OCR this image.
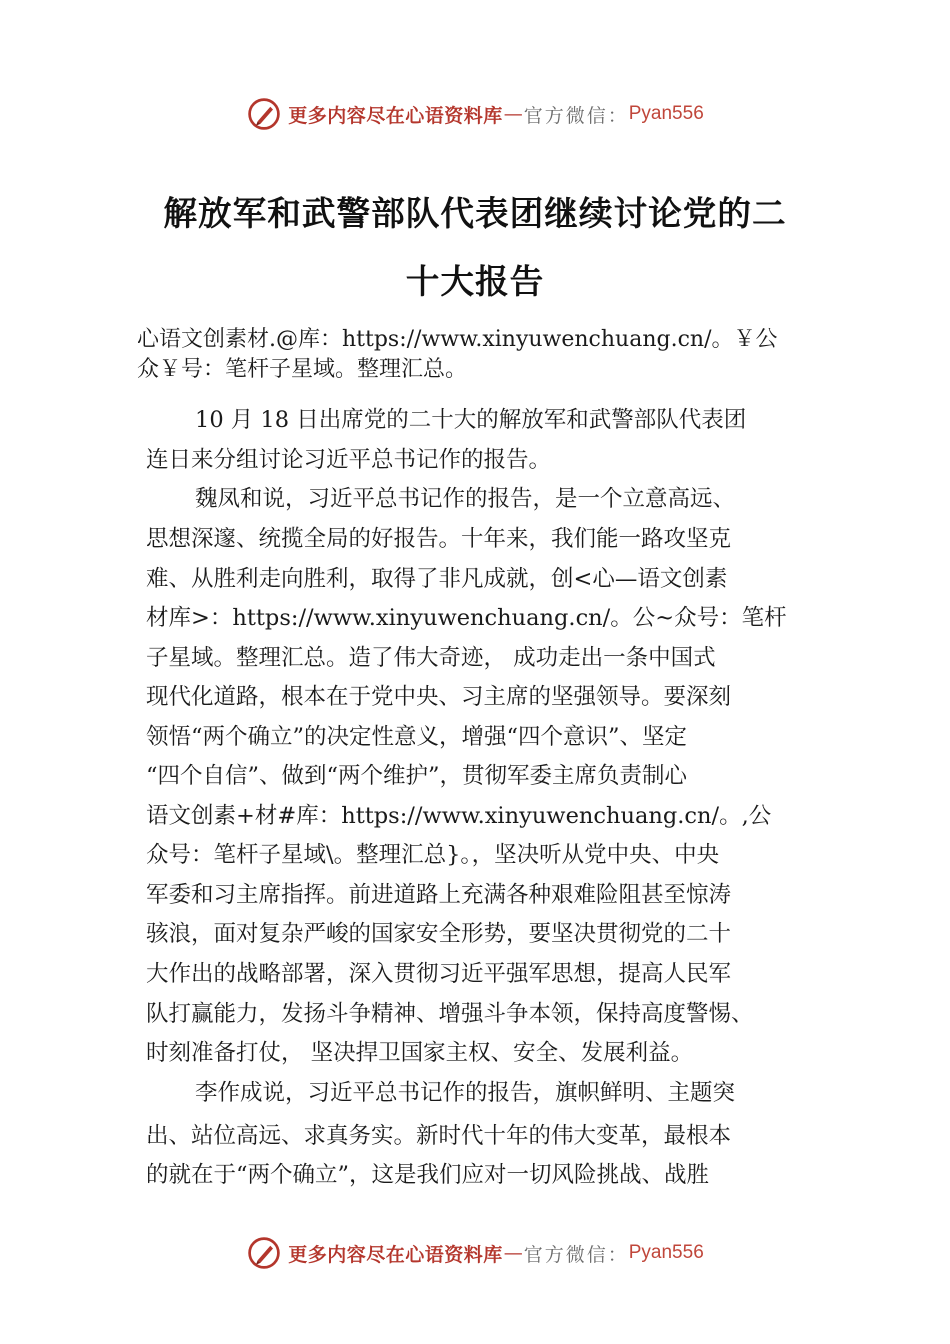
更多内容尽在心语资料库 — 官方微信： Pyan556
解放军和武警部队代表团继续讨论党的二
十大报告
心语文创素材.@库：https://www.xinyuwenchuang.cn/。￥公
众￥号：笔杆子星域。整理汇总。
10 月 18 日出席党的二十大的解放军和武警部队代表团
连日来分组讨论习近平总书记作的报告。
魏凤和说，习近平总书记作的报告，是一个立意高远、
思想深邃、统揽全局的好报告。十年来，我们能一路攻坚克
难、从胜利走向胜利，取得了非凡成就，创<心—语文创素
材库>：https://www.xinyuwenchuang.cn/。公~众号：笔杆
子星域。整理汇总。造了伟大奇迹， 成功走出一条中国式
现代化道路，根本在于党中央、习主席的坚强领导。要深刻
领悟“两个确立”的决定性意义，增强“四个意识”、坚定
“四个自信”、做到“两个维护”，贯彻军委主席负责制心
语文创素+材#库：https://www.xinyuwenchuang.cn/。,公
众号：笔杆子星域\。整理汇总}。，坚决听从党中央、中央
军委和习主席指挥。前进道路上充满各种艰难险阻甚至惊涛
骇浪，面对复杂严峻的国家安全形势，要坚决贯彻党的二十
大作出的战略部署，深入贯彻习近平强军思想，提高人民军
队打赢能力，发扬斗争精神、增强斗争本领，保持高度警惕、
时刻准备打仗， 坚决捍卫国家主权、安全、发展利益。
李作成说，习近平总书记作的报告，旗帜鲜明、主题突
出、站位高远、求真务实。新时代十年的伟大变革，最根本
的就在于“两个确立”，这是我们应对一切风险挑战、战胜
更多内容尽在心语资料库 — 官方微信： Pyan556
